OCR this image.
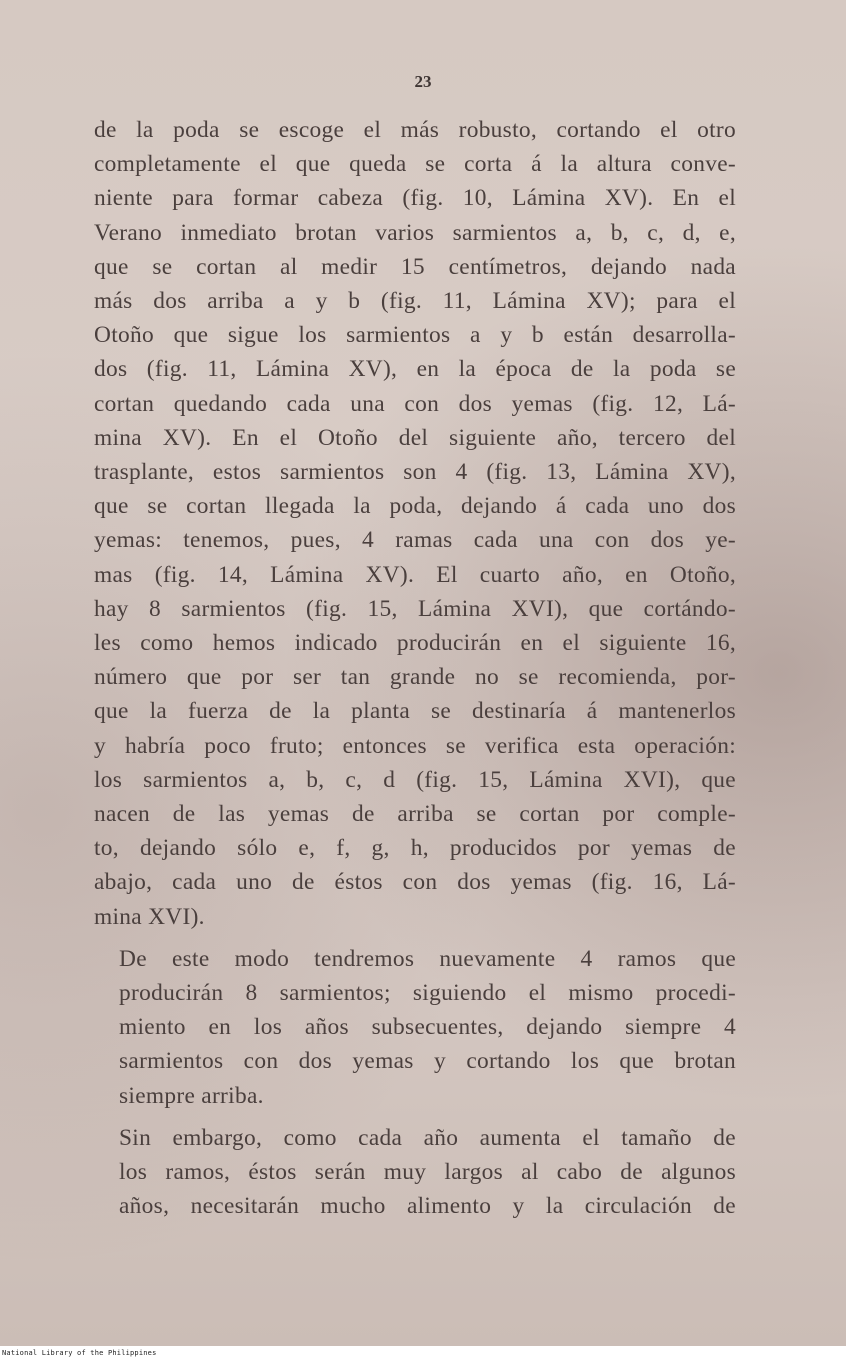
23

de la poda se escoge el más robusto, cortando el otro
completamente el que queda se corta á la altura conve-
niente para formar cabeza (fig. 10, Lámina XV). En el
Verano inmediato brotan varios sarmientos a, b, c, d, e,
que se cortan al medir 15 centímetros, dejando nada
más dos arriba a y b (fig. 11, Lámina XV); para el
Otoño que sigue los sarmientos a y b están desarrolla-
dos (fig. 11, Lámina XV), en la época de la poda se
cortan quedando cada una con dos yemas (fig. 12, Lá-
mina XV). En el Otoño del siguiente año, tercero del
trasplante, estos sarmientos son 4 (fig. 13, Lámina XV),
que se cortan llegada la poda, dejando á cada uno dos
yemas: tenemos, pues, 4 ramas cada una con dos ye-
mas (fig. 14, Lámina XV). El cuarto año, en Otoño,
hay 8 sarmientos (fig. 15, Lámina XVI), que cortándo-
les como hemos indicado producirán en el siguiente 16,
número que por ser tan grande no se recomienda, por-
que la fuerza de la planta se destinaría á mantenerlos
y habría poco fruto; entonces se verifica esta operación:
los sarmientos a, b, c, d (fig. 15, Lámina XVI), que
nacen de las yemas de arriba se cortan por comple-
to, dejando sólo e, f, g, h, producidos por yemas de
abajo, cada uno de éstos con dos yemas (fig. 16, Lá-
mina XVI).

De este modo tendremos nuevamente 4 ramos que
producirán 8 sarmientos; siguiendo el mismo procedi-
miento en los años subsecuentes, dejando siempre 4
sarmientos con dos yemas y cortando los que brotan
siempre arriba.

Sin embargo, como cada año aumenta el tamaño de
los ramos, éstos serán muy largos al cabo de algunos
años, necesitarán mucho alimento y la circulación de

National Library of the Philippines
